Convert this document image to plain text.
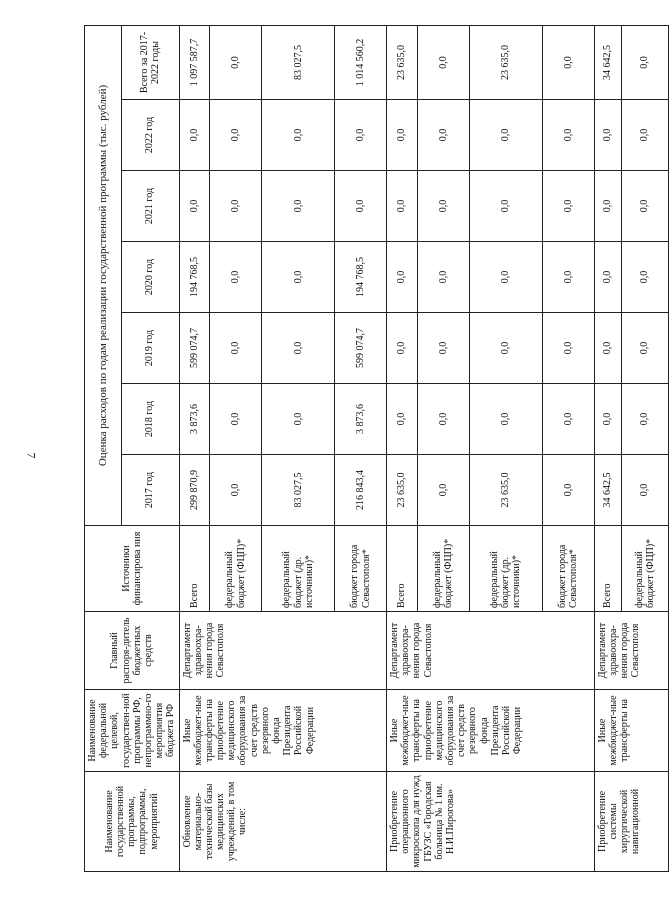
7
Наименование государственной программы, подпрограммы, мероприятий	Наименование федеральной целевой, государствен-ной программы РФ, непрограммно-го мероприятия бюджета РФ	Главный распоря-дитель бюджетных средств	Источники финансирова ния	Оценка расходов по годам реализации государственной программы (тыс. рублей)						
				2017 год	2018 год	2019 год	2020 год	2021 год	2022 год	Всего за 2017-2022 годы
Обновление материально-технической базы медицинских учреждений, в том числе:	Иные межбюджет-ные трансферты на приобретение медицинского оборудования за счет средств резервного фонда Президента Российской Федерации	Департамент здравоохра-нения города Севастополя	Всего	299 870,9	3 873,6	599 074,7	194 768,5	0,0	0,0	1 097 587,7
			федеральный бюджет (ФЦП)*	0,0	0,0	0,0	0,0	0,0	0,0	0,0
			федеральный бюджет (др. источники)*	83 027,5	0,0	0,0	0,0	0,0	0,0	83 027,5
			бюджет города Севастополя*	216 843,4	3 873,6	599 074,7	194 768,5	0,0	0,0	1 014 560,2
Приобретение операционного микроскопа для нужд ГБУЗС «Городская больница № 1 им. Н.И.Пирогова»	Иные межбюджет-ные трансферты на приобретение медицинского оборудования за счет средств резервного фонда Президента Российской Федерации	Департамент здравоохра-нения города Севастополя	Всего	23 635,0	0,0	0,0	0,0	0,0	0,0	23 635,0
			федеральный бюджет (ФЦП)*	0,0	0,0	0,0	0,0	0,0	0,0	0,0
			федеральный бюджет (др. источники)*	23 635,0	0,0	0,0	0,0	0,0	0,0	23 635,0
			бюджет города Севастополя*	0,0	0,0	0,0	0,0	0,0	0,0	0,0
Приобретение системы хирургической навигационной	Иные межбюджет-ные трансферты на	Департамент здравоохра-нения города Севастополя	Всего	34 642,5	0,0	0,0	0,0	0,0	0,0	34 642,5
			федеральный бюджет (ФЦП)*	0,0	0,0	0,0	0,0	0,0	0,0	0,0
